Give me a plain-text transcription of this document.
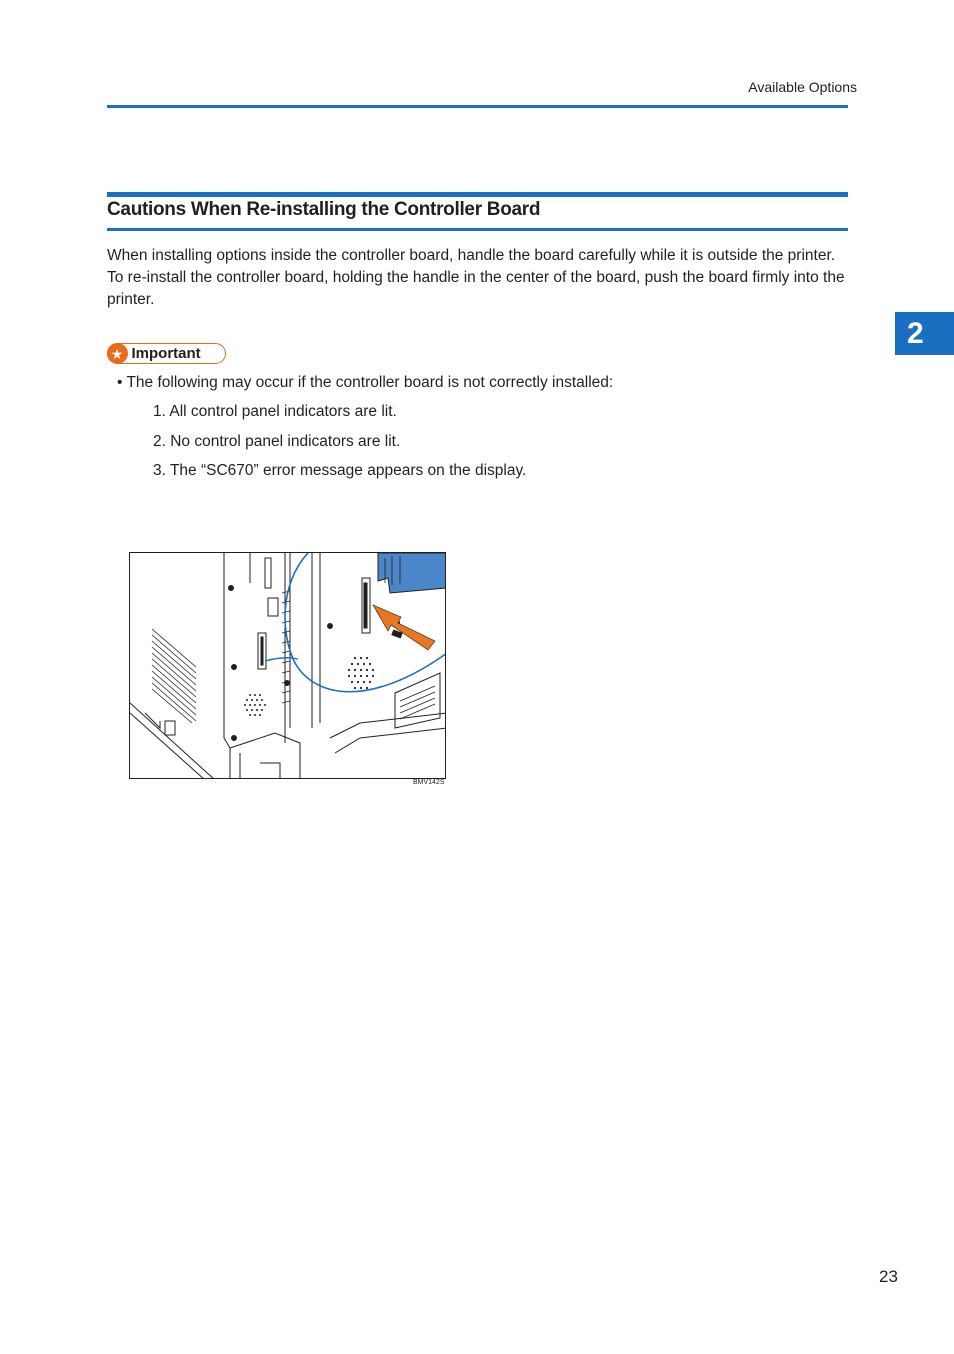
Available Options
Cautions When Re-installing the Controller Board

When installing options inside the controller board, handle the board carefully while it is outside the printer.

To re-install the controller board, holding the handle in the center of the board, push the board firmly into the printer.

★ Important
• The following may occur if the controller board is not correctly installed:
1. All control panel indicators are lit.
2. No control panel indicators are lit.
3. The “SC670” error message appears on the display.
BMV142S
2
23
